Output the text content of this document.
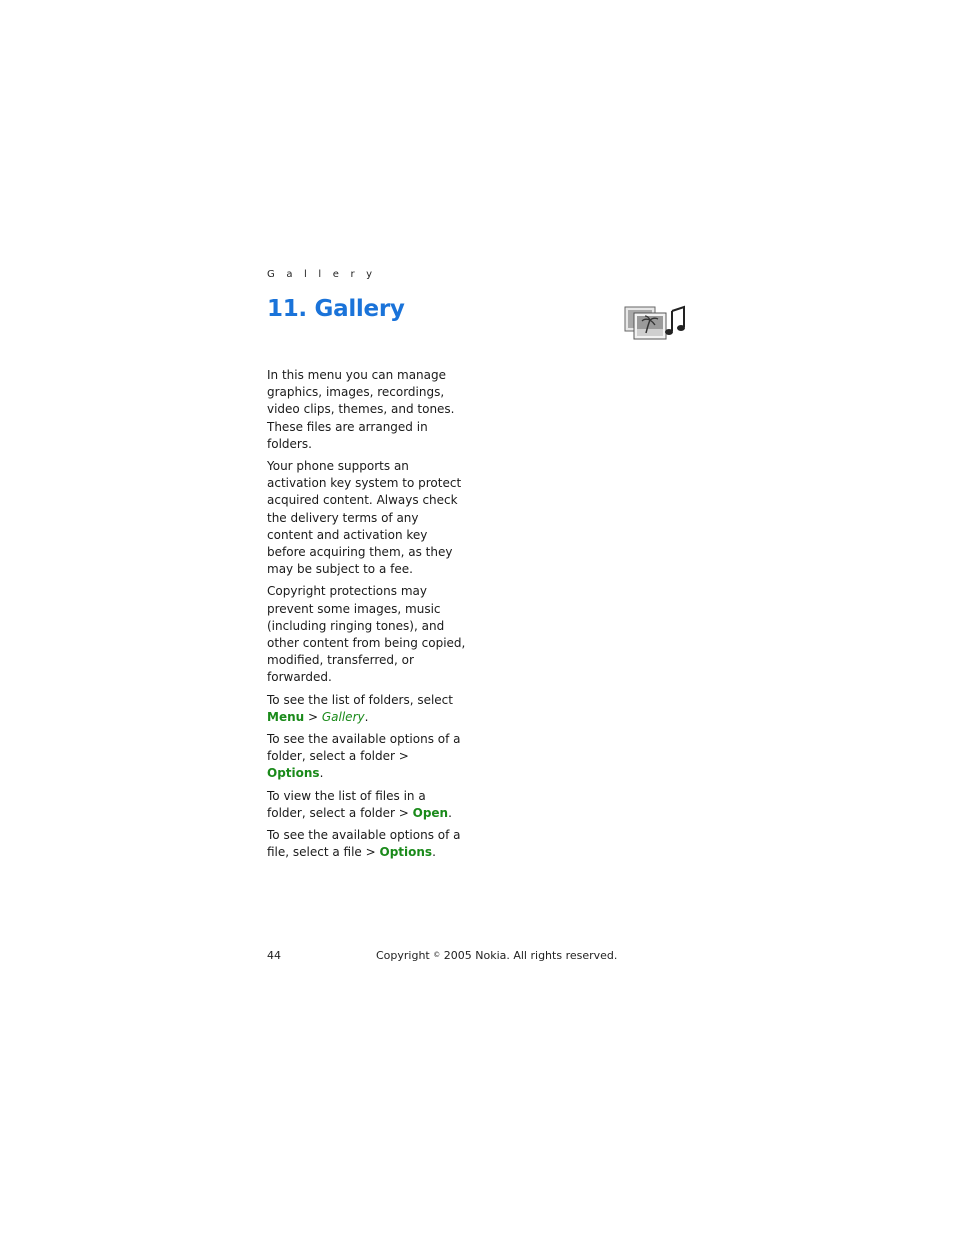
G a l l e r y
11. Gallery

In this menu you can manage graphics, images, recordings, video clips, themes, and tones. These files are arranged in folders.

Your phone supports an activation key system to protect acquired content. Always check the delivery terms of any content and activation key before acquiring them, as they may be subject to a fee.

Copyright protections may prevent some images, music (including ringing tones), and other content from being copied, modified, transferred, or forwarded.

To see the list of folders, select Menu > Gallery.

To see the available options of a folder, select a folder > Options.

To view the list of files in a folder, select a folder > Open.

To see the available options of a file, select a file > Options.

44	Copyright © 2005 Nokia. All rights reserved.
